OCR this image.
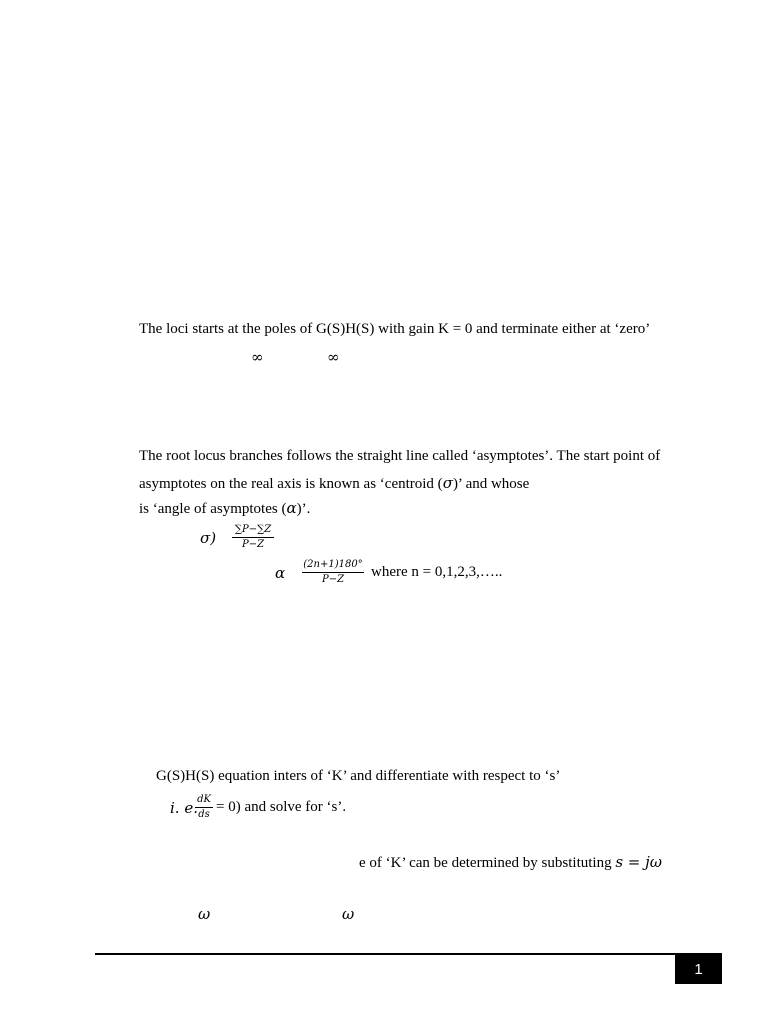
The loci starts at the poles of G(S)H(S) with gain K = 0 and terminate either at ‘zero’
∞	∞
The root locus branches follows the straight line called ‘asymptotes’. The start point of
asymptotes on the real axis is known as ‘centroid (σ)’ and whose
is ‘angle of asymptotes (α)’.
σ) ∑P−∑Z
P−Z
α (2n+1)180°
P−Z	where n = 0,1,2,3,…..
G(S)H(S) equation inters of ‘K’ and differentiate with respect to ‘s’
i. e. dK
ds = 0) and solve for ‘s’.
e of ‘K’ can be determined by substituting s = jω
ω	ω
1
